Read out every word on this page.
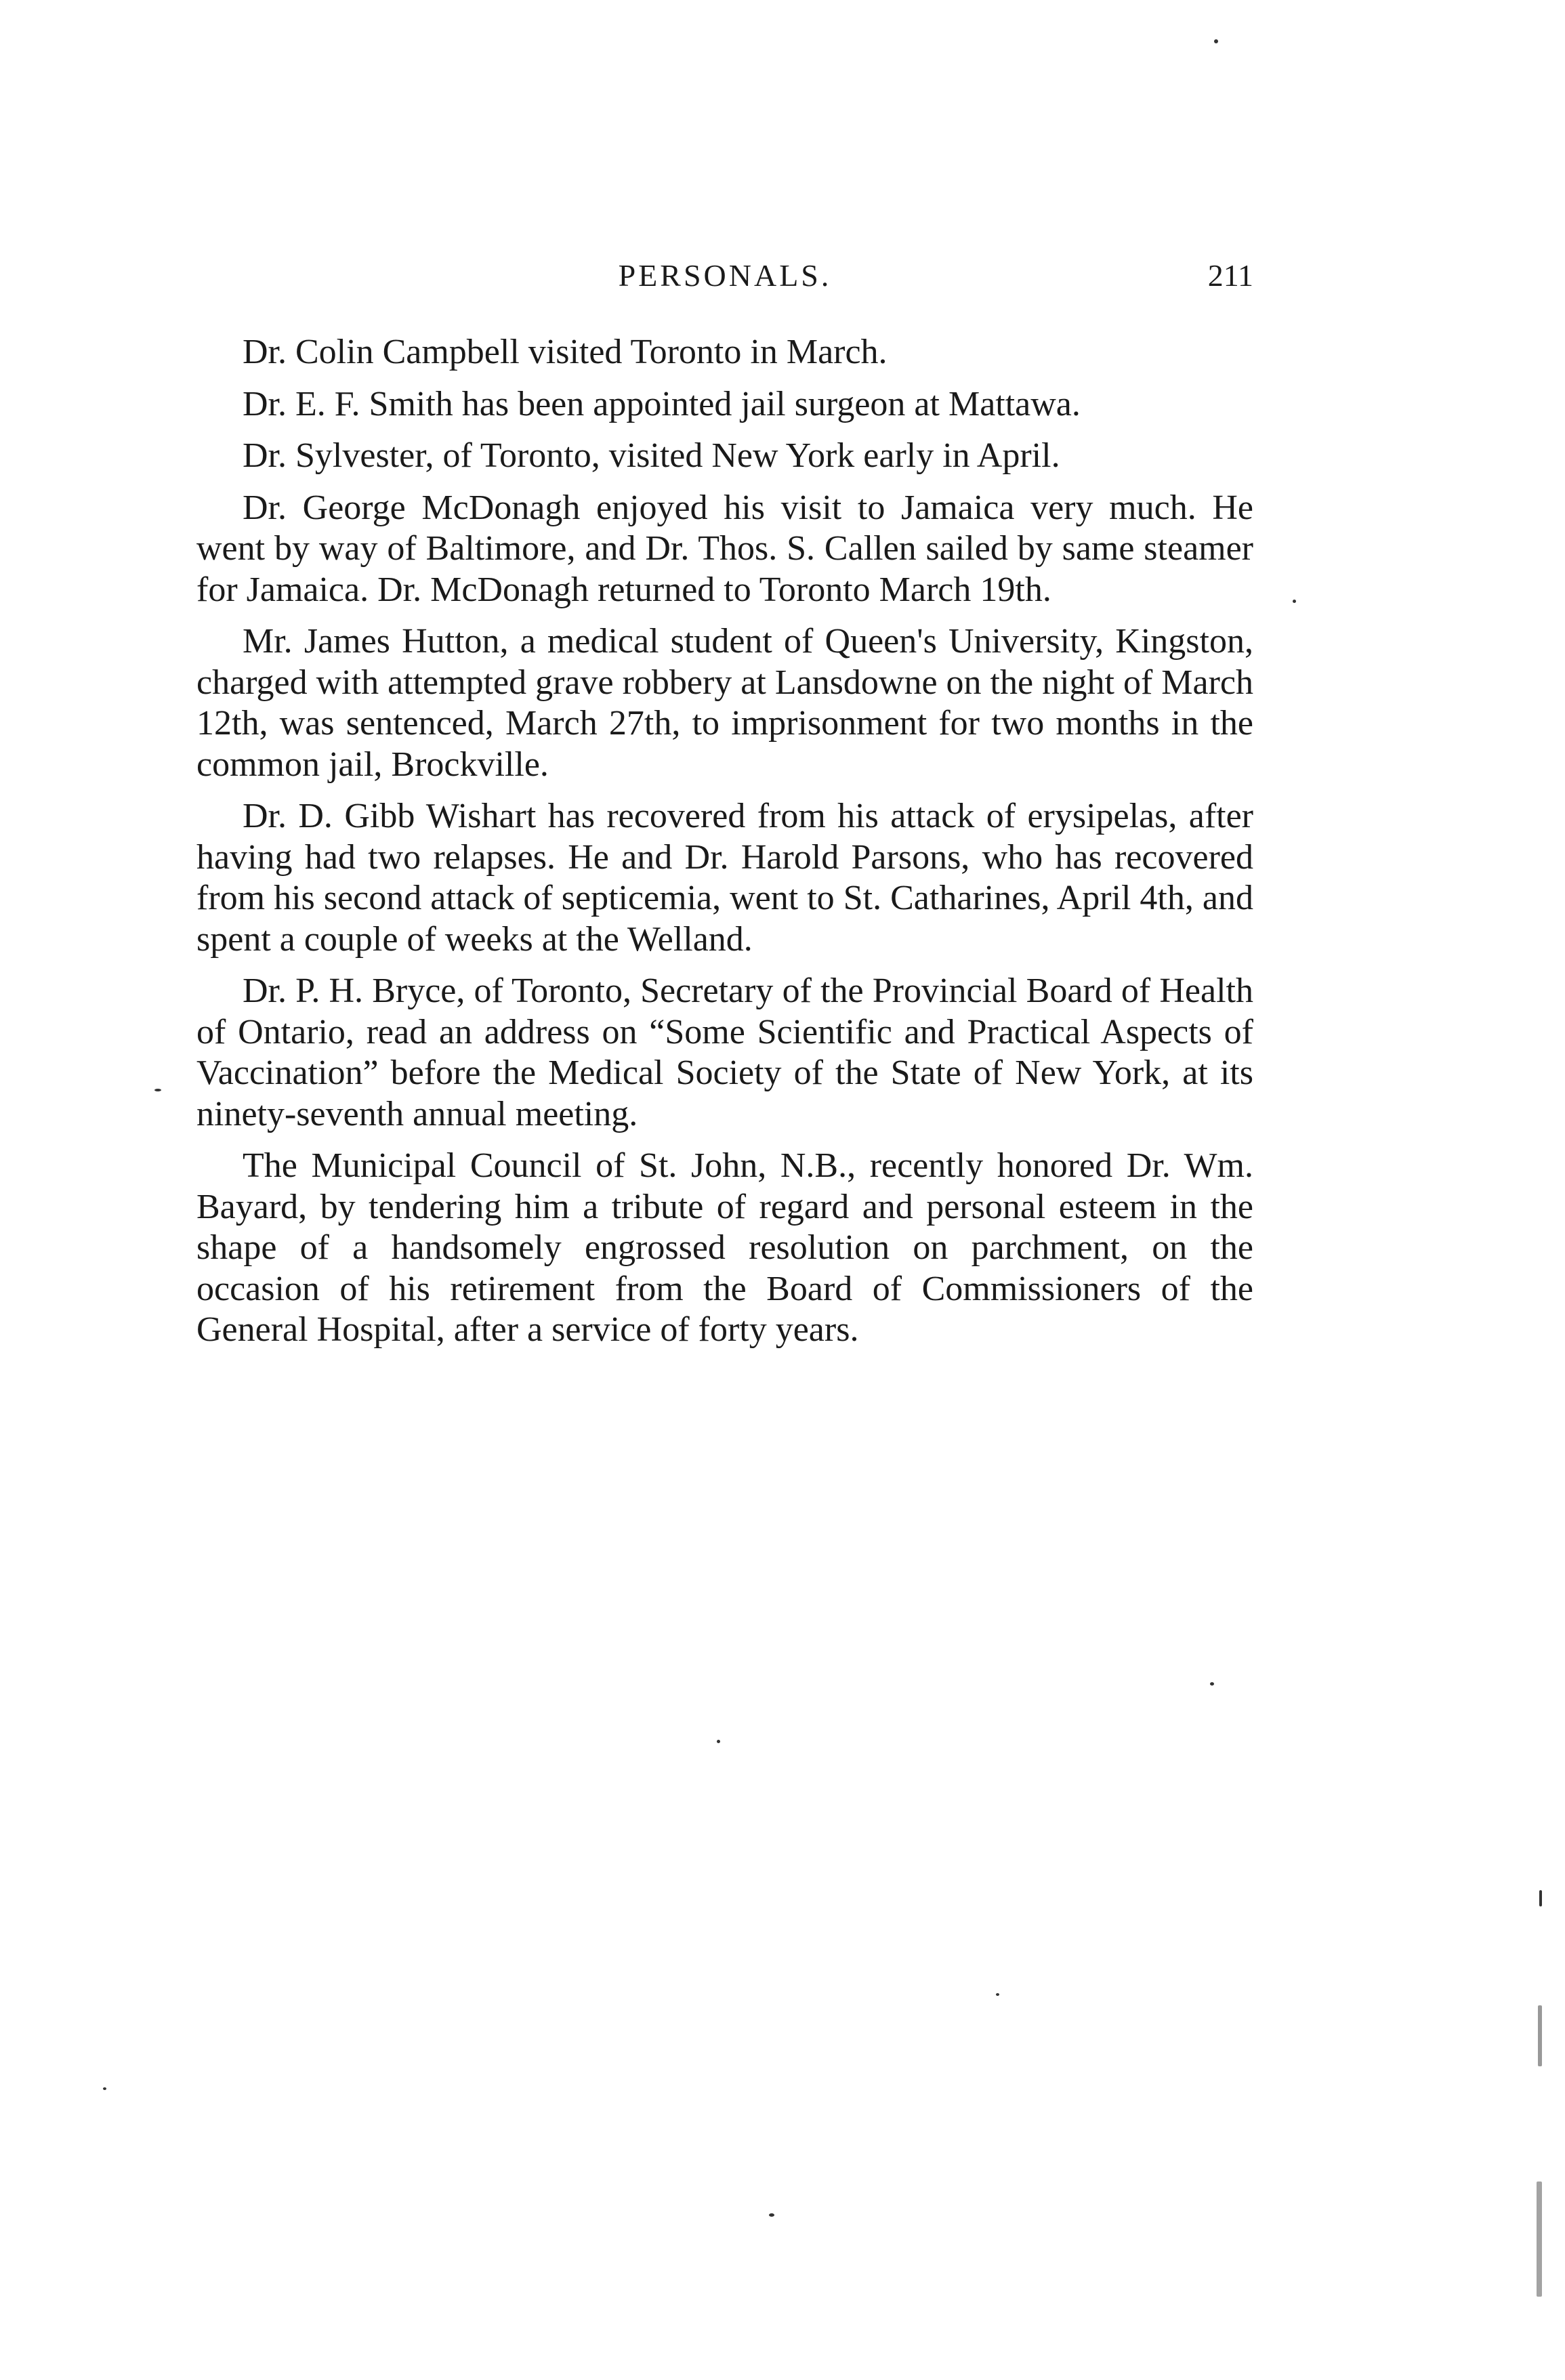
PERSONALS.	211

Dr. Colin Campbell visited Toronto in March.

Dr. E. F. Smith has been appointed jail surgeon at Mattawa.

Dr. Sylvester, of Toronto, visited New York early in April.

Dr. George McDonagh enjoyed his visit to Jamaica very much. He went by way of Baltimore, and Dr. Thos. S. Callen sailed by same steamer for Jamaica. Dr. McDonagh returned to Toronto March 19th.

Mr. James Hutton, a medical student of Queen's University, Kingston, charged with attempted grave robbery at Lansdowne on the night of March 12th, was sentenced, March 27th, to imprisonment for two months in the common jail, Brockville.

Dr. D. Gibb Wishart has recovered from his attack of erysipelas, after having had two relapses. He and Dr. Harold Parsons, who has recovered from his second attack of septicemia, went to St. Catharines, April 4th, and spent a couple of weeks at the Welland.

Dr. P. H. Bryce, of Toronto, Secretary of the Provincial Board of Health of Ontario, read an address on “Some Scientific and Practical Aspects of Vaccination” before the Medical Society of the State of New York, at its ninety-seventh annual meeting.

The Municipal Council of St. John, N.B., recently honored Dr. Wm. Bayard, by tendering him a tribute of regard and personal esteem in the shape of a handsomely engrossed resolution on parchment, on the occasion of his retirement from the Board of Commissioners of the General Hospital, after a service of forty years.
